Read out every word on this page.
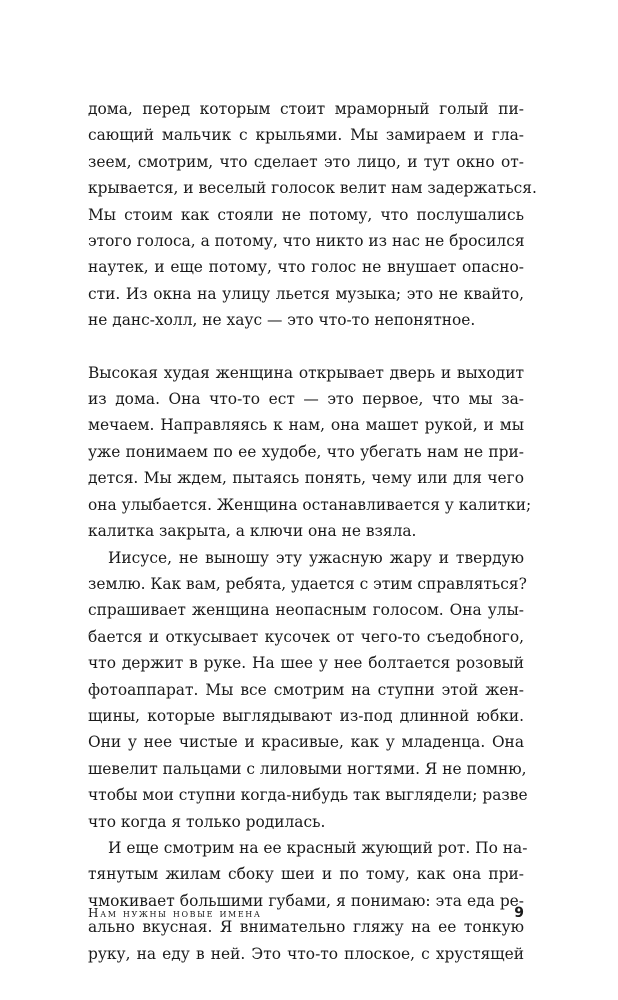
дома, перед которым стоит мраморный голый пи-
сающий мальчик с крыльями. Мы замираем и гла-
зеем, смотрим, что сделает это лицо, и тут окно от-
крывается, и веселый голосок велит нам задержаться.
Мы стоим как стояли не потому, что послушались
этого голоса, а потому, что никто из нас не бросился
наутек, и еще потому, что голос не внушает опасно-
сти. Из окна на улицу льется музыка; это не квайто,
не данс-холл, не хаус — это что-то непонятное.
Высокая худая женщина открывает дверь и выходит
из дома. Она что-то ест — это первое, что мы за-
мечаем. Направляясь к нам, она машет рукой, и мы
уже понимаем по ее худобе, что убегать нам не при-
дется. Мы ждем, пытаясь понять, чему или для чего
она улыбается. Женщина останавливается у калитки;
калитка закрыта, а ключи она не взяла.
Иисусе, не выношу эту ужасную жару и твердую
землю. Как вам, ребята, удается с этим справляться?
спрашивает женщина неопасным голосом. Она улы-
бается и откусывает кусочек от чего-то съедобного,
что держит в руке. На шее у нее болтается розовый
фотоаппарат. Мы все смотрим на ступни этой жен-
щины, которые выглядывают из-под длинной юбки.
Они у нее чистые и красивые, как у младенца. Она
шевелит пальцами с лиловыми ногтями. Я не помню,
чтобы мои ступни когда-нибудь так выглядели; разве
что когда я только родилась.
И еще смотрим на ее красный жующий рот. По на-
тянутым жилам сбоку шеи и по тому, как она при-
чмокивает большими губами, я понимаю: эта еда ре-
ально вкусная. Я внимательно гляжу на ее тонкую
руку, на еду в ней. Это что-то плоское, с хрустящей
Нам нужны новые имена	9
